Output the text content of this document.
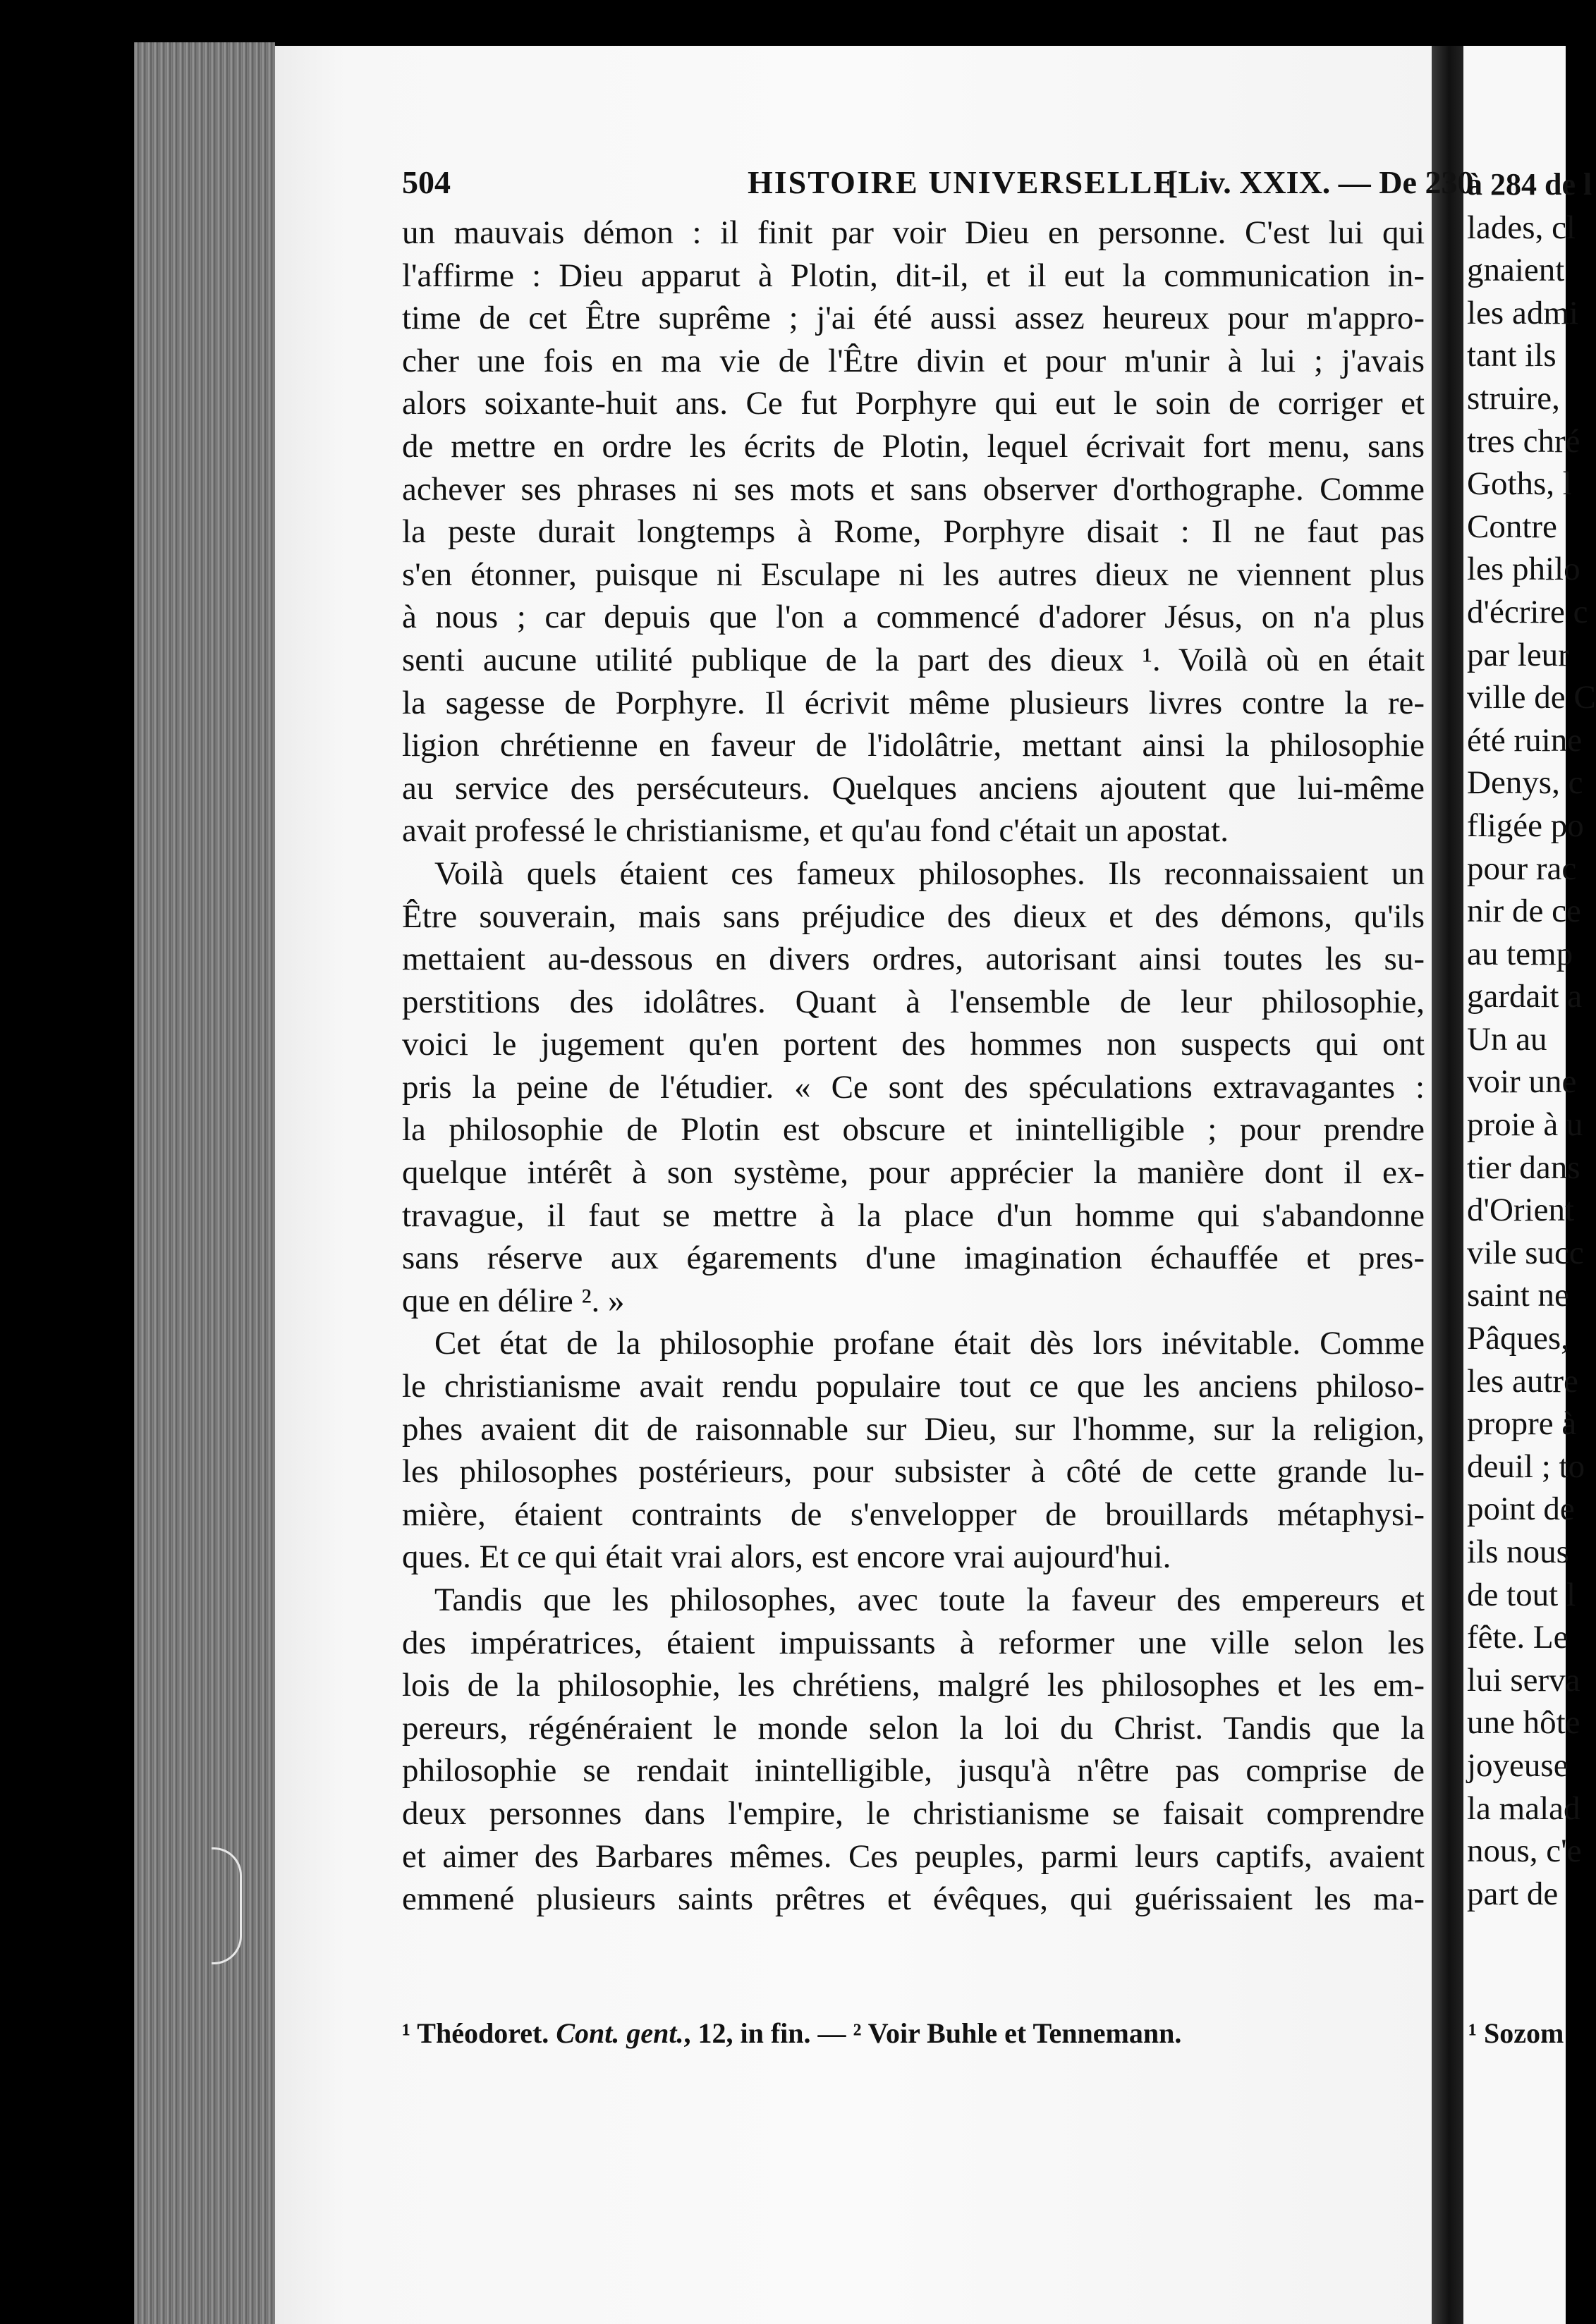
504	HISTOIRE UNIVERSELLE
[Liv. XXIX. — De 230
un mauvais démon : il finit par voir Dieu en personne. C'est lui qui
l'affirme : Dieu apparut à Plotin, dit-il, et il eut la communication in-
time de cet Être suprême ; j'ai été aussi assez heureux pour m'appro-
cher une fois en ma vie de l'Être divin et pour m'unir à lui ; j'avais
alors soixante-huit ans. Ce fut Porphyre qui eut le soin de corriger et
de mettre en ordre les écrits de Plotin, lequel écrivait fort menu, sans
achever ses phrases ni ses mots et sans observer d'orthographe. Comme
la peste durait longtemps à Rome, Porphyre disait : Il ne faut pas
s'en étonner, puisque ni Esculape ni les autres dieux ne viennent plus
à nous ; car depuis que l'on a commencé d'adorer Jésus, on n'a plus
senti aucune utilité publique de la part des dieux ¹. Voilà où en était
la sagesse de Porphyre. Il écrivit même plusieurs livres contre la re-
ligion chrétienne en faveur de l'idolâtrie, mettant ainsi la philosophie
au service des persécuteurs. Quelques anciens ajoutent que lui-même
avait professé le christianisme, et qu'au fond c'était un apostat.
Voilà quels étaient ces fameux philosophes. Ils reconnaissaient un
Être souverain, mais sans préjudice des dieux et des démons, qu'ils
mettaient au-dessous en divers ordres, autorisant ainsi toutes les su-
perstitions des idolâtres. Quant à l'ensemble de leur philosophie,
voici le jugement qu'en portent des hommes non suspects qui ont
pris la peine de l'étudier. « Ce sont des spéculations extravagantes :
la philosophie de Plotin est obscure et inintelligible ; pour prendre
quelque intérêt à son système, pour apprécier la manière dont il ex-
travague, il faut se mettre à la place d'un homme qui s'abandonne
sans réserve aux égarements d'une imagination échauffée et pres-
que en délire ². »
Cet état de la philosophie profane était dès lors inévitable. Comme
le christianisme avait rendu populaire tout ce que les anciens philoso-
phes avaient dit de raisonnable sur Dieu, sur l'homme, sur la religion,
les philosophes postérieurs, pour subsister à côté de cette grande lu-
mière, étaient contraints de s'envelopper de brouillards métaphysi-
ques. Et ce qui était vrai alors, est encore vrai aujourd'hui.
Tandis que les philosophes, avec toute la faveur des empereurs et
des impératrices, étaient impuissants à reformer une ville selon les
lois de la philosophie, les chrétiens, malgré les philosophes et les em-
pereurs, régénéraient le monde selon la loi du Christ. Tandis que la
philosophie se rendait inintelligible, jusqu'à n'être pas comprise de
deux personnes dans l'empire, le christianisme se faisait comprendre
et aimer des Barbares mêmes. Ces peuples, parmi leurs captifs, avaient
emmené plusieurs saints prêtres et évêques, qui guérissaient les ma-
¹ Théodoret. Cont. gent., 12, in fin. — ² Voir Buhle et Tennemann.
à 284 de l
lades, cl
gnaient
les admi
tant ils
struire,
tres chré
Goths, l
Contre
les philo
d'écrire c
par leur
ville de C
été ruine
Denys, c
fligée po
pour rac
nir de ce
au temp
gardait a
Un au
voir une
proie à u
tier dans
d'Orient
vile succ
saint ne
Pâques,
les autre
propre à
deuil ; to
point de
ils nous
de tout l
fête. Le
lui serva
une hôte
joyeuse
la malad
nous, c'e
part de
¹ Sozom
